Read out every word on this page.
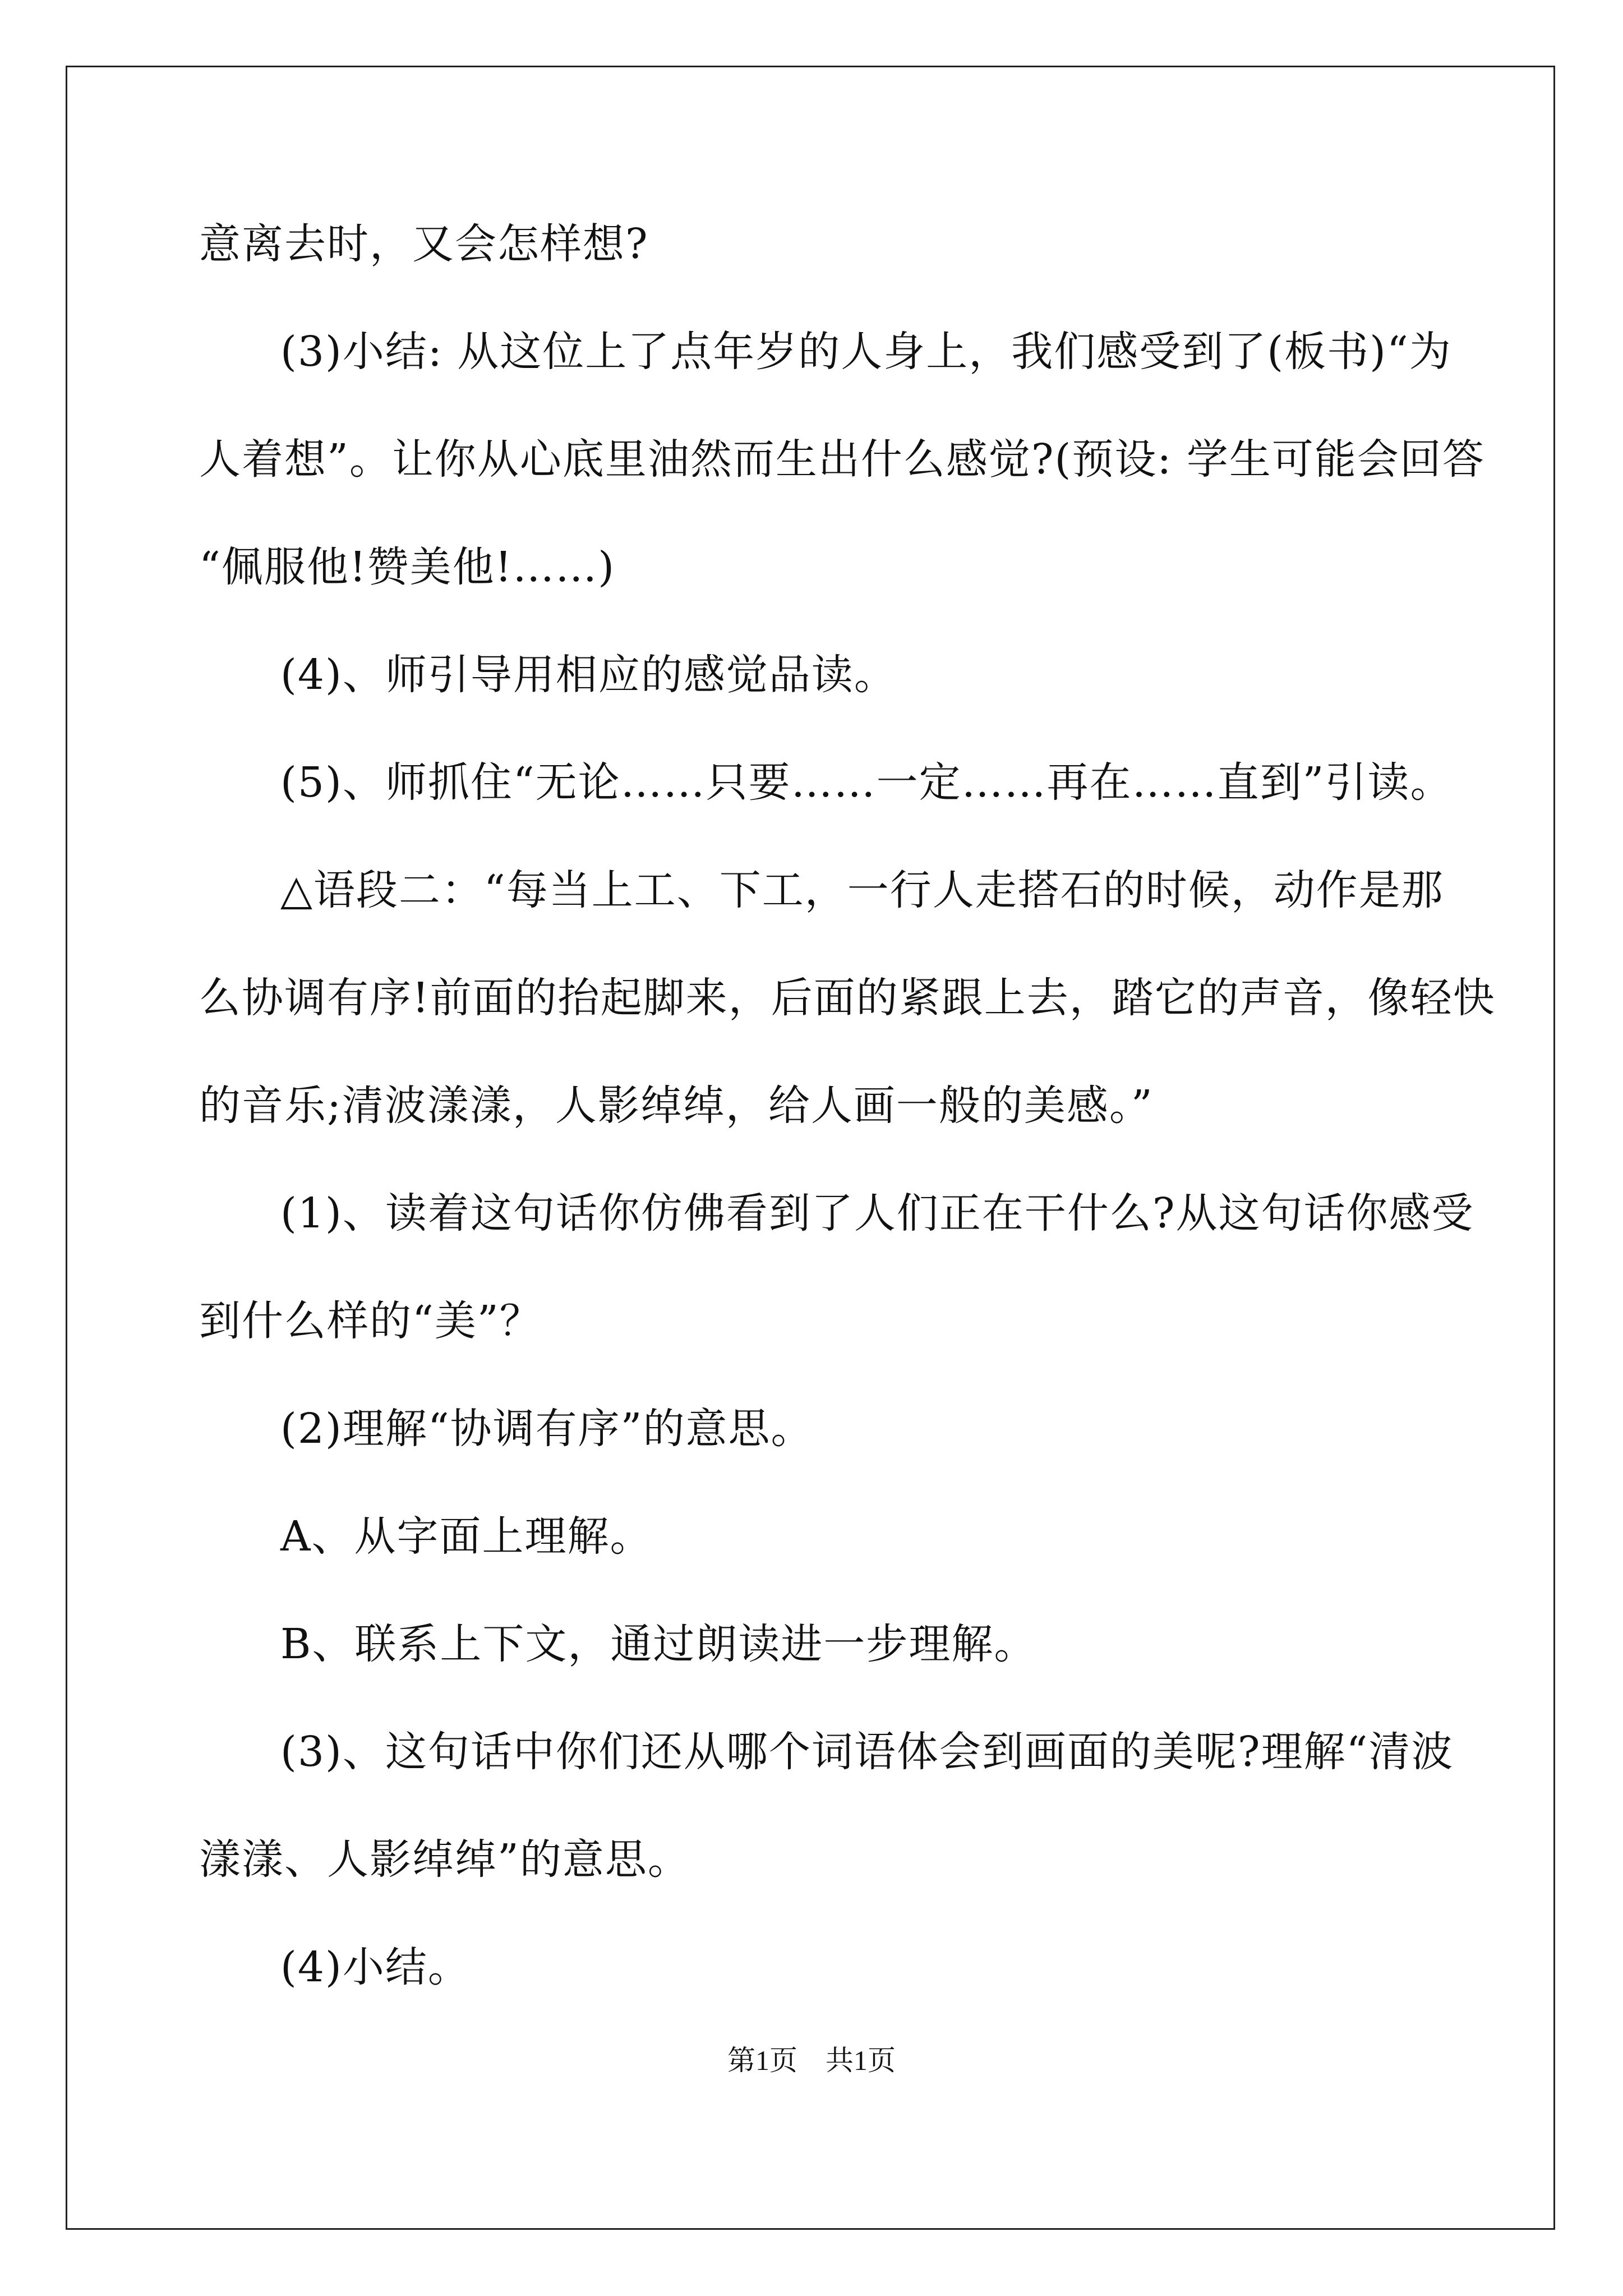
意离去时，又会怎样想?
(3)小结: 从这位上了点年岁的人身上，我们感受到了(板书)“为
人着想”。让你从心底里油然而生出什么感觉?(预设: 学生可能会回答
“佩服他!赞美他!……)
(4)、师引导用相应的感觉品读。
(5)、师抓住“无论……只要……一定……再在……直到”引读。
△语段二：“每当上工、下工，一行人走搭石的时候，动作是那
么协调有序!前面的抬起脚来，后面的紧跟上去，踏它的声音，像轻快
的音乐;清波漾漾，人影绰绰，给人画一般的美感。”
(1)、读着这句话你仿佛看到了人们正在干什么?从这句话你感受
到什么样的“美”？
(2)理解“协调有序”的意思。
A、从字面上理解。
B、联系上下文，通过朗读进一步理解。
(3)、这句话中你们还从哪个词语体会到画面的美呢?理解“清波
漾漾、人影绰绰”的意思。
(4)小结。
第1页　共1页
